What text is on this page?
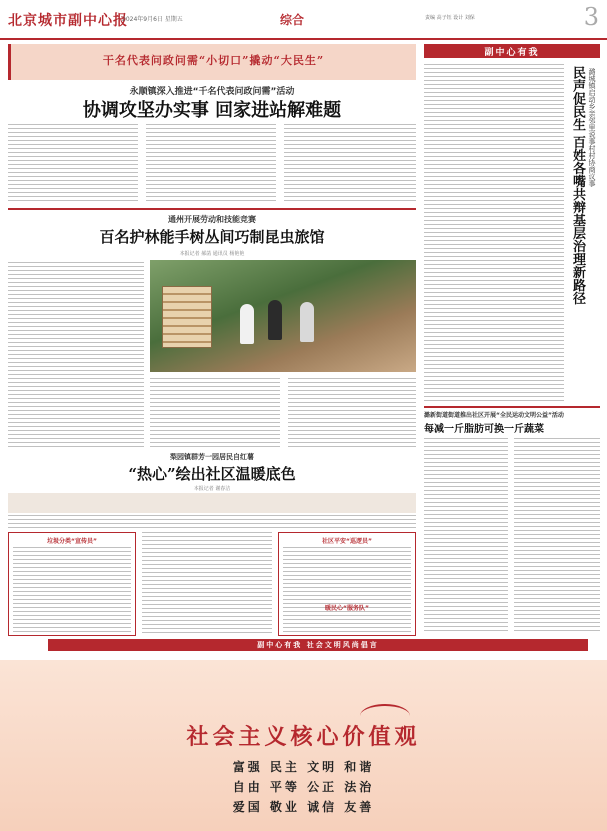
北京城市副中心报
2024年9月6日 星期五	综合	责编 高子钰 设计 刘保	3
干名代表问政问需“小切口”撬动“大民生”
永顺镇深入推进“千名代表问政问需”活动
协调攻坚办实事 回家进站解难题
通州开展劳动和技能竞赛
百名护林能手树丛间巧制昆虫旅馆
本报记者 郝菡 通讯员 杨艳艳
梨园镇群芳一园居民自红薯
“热心”绘出社区温暖底色
本报记者 谢春洁
垃圾分类“宣传员”	社区平安“巡逻员”
暖民心“服务队”
副中心有我
民声促民生 百姓各嘴共辩基层治理新路径 潞城镇启动乡亲邻里说事村村协商议事
潞新街道街道推出社区开展“全民运动文明公益”活动
每减一斤脂肪可换一斤蔬菜
副中心有我 社会文明风尚倡言
社会主义核心价值观
富强 民主 文明 和谐
自由 平等 公正 法治
爱国 敬业 诚信 友善
